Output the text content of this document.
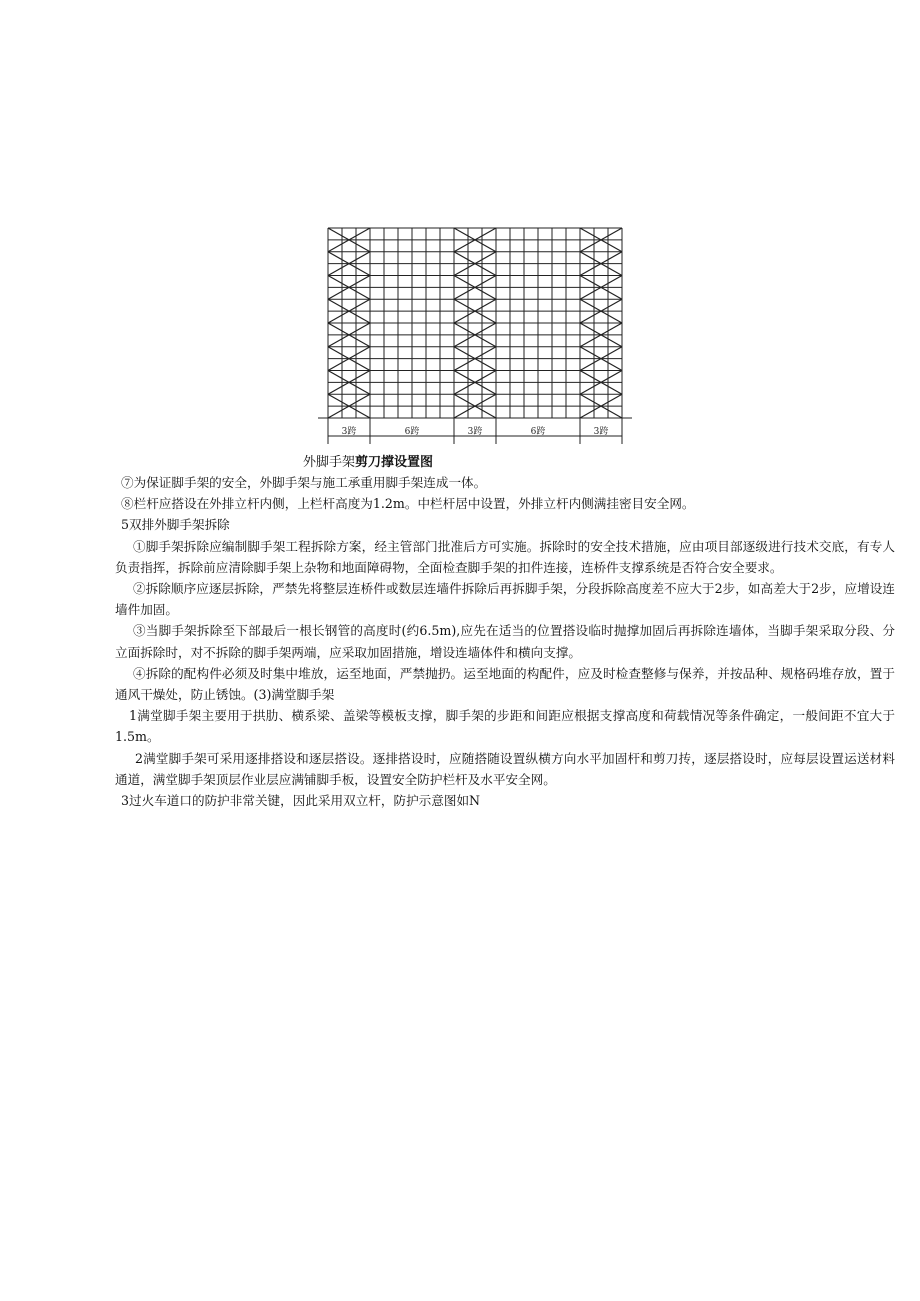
3跨	6跨	3跨	6跨	3跨
外脚手架剪刀撑设置图

⑦为保证脚手架的安全，外脚手架与施工承重用脚手架连成一体。

⑧栏杆应搭设在外排立杆内侧，上栏杆高度为1.2m。中栏杆居中设置，外排立杆内侧满挂密目安全网。

5双排外脚手架拆除

①脚手架拆除应编制脚手架工程拆除方案，经主管部门批准后方可实施。拆除时的安全技术措施，应由项目部逐级进行技术交底，有专人负责指挥，拆除前应清除脚手架上杂物和地面障碍物，全面检查脚手架的扣件连接，连桥件支撑系统是否符合安全要求。

②拆除顺序应逐层拆除，严禁先将整层连桥件或数层连墙件拆除后再拆脚手架，分段拆除高度差不应大于2步，如高差大于2步，应增设连墙件加固。

③当脚手架拆除至下部最后一根长钢管的高度时(约6.5m),应先在适当的位置搭设临时抛撑加固后再拆除连墙体，当脚手架采取分段、分立面拆除时，对不拆除的脚手架两端，应采取加固措施，增设连墙体件和横向支撑。

④拆除的配构件必须及时集中堆放，运至地面，严禁抛扔。运至地面的构配件，应及时检查整修与保养，并按品种、规格码堆存放，置于通风干燥处，防止锈蚀。(3)满堂脚手架

1满堂脚手架主要用于拱肋、横系梁、盖梁等模板支撑，脚手架的步距和间距应根据支撑高度和荷载情况等条件确定，一般间距不宜大于1.5m。

2满堂脚手架可采用逐排搭设和逐层搭设。逐排搭设时，应随搭随设置纵横方向水平加固杆和剪刀抟，逐层搭设时，应每层设置运送材料通道，满堂脚手架顶层作业层应满铺脚手板，设置安全防护栏杆及水平安全网。

3过火车道口的防护非常关键，因此采用双立杆，防护示意图如N
